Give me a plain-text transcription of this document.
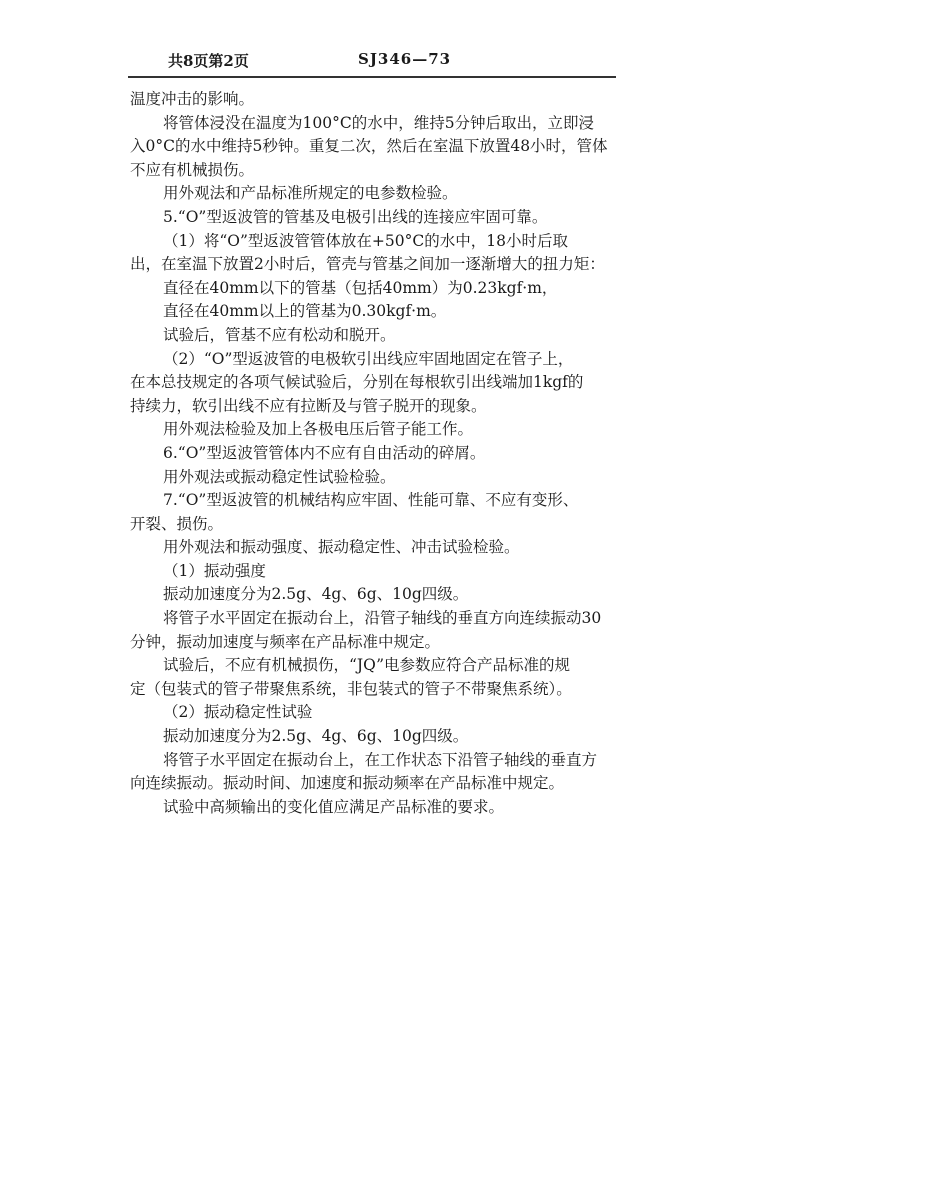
共8页第2页	SJ346—73
温度冲击的影响。
将管体浸没在温度为100°C的水中，维持5分钟后取出，立即浸
入0°C的水中维持5秒钟。重复二次，然后在室温下放置48小时，管体
不应有机械损伤。
用外观法和产品标准所规定的电参数检验。
5.“O”型返波管的管基及电极引出线的连接应牢固可靠。
（1）将“O”型返波管管体放在+50°C的水中，18小时后取
出，在室温下放置2小时后，管壳与管基之间加一逐渐增大的扭力矩：
直径在40mm以下的管基（包括40mm）为0.23kgf·m，
直径在40mm以上的管基为0.30kgf·m。
试验后，管基不应有松动和脱开。
（2）“O”型返波管的电极软引出线应牢固地固定在管子上，
在本总技规定的各项气候试验后，分别在每根软引出线端加1kgf的
持续力，软引出线不应有拉断及与管子脱开的现象。
用外观法检验及加上各极电压后管子能工作。
6.“O”型返波管管体内不应有自由活动的碎屑。
用外观法或振动稳定性试验检验。
7.“O”型返波管的机械结构应牢固、性能可靠、不应有变形、
开裂、损伤。
用外观法和振动强度、振动稳定性、冲击试验检验。
（1）振动强度
振动加速度分为2.5g、4g、6g、10g四级。
将管子水平固定在振动台上，沿管子轴线的垂直方向连续振动30
分钟，振动加速度与频率在产品标准中规定。
试验后，不应有机械损伤，“JQ”电参数应符合产品标准的规
定（包装式的管子带聚焦系统，非包装式的管子不带聚焦系统）。
（2）振动稳定性试验
振动加速度分为2.5g、4g、6g、10g四级。
将管子水平固定在振动台上，在工作状态下沿管子轴线的垂直方
向连续振动。振动时间、加速度和振动频率在产品标准中规定。
试验中高频输出的变化值应满足产品标准的要求。
